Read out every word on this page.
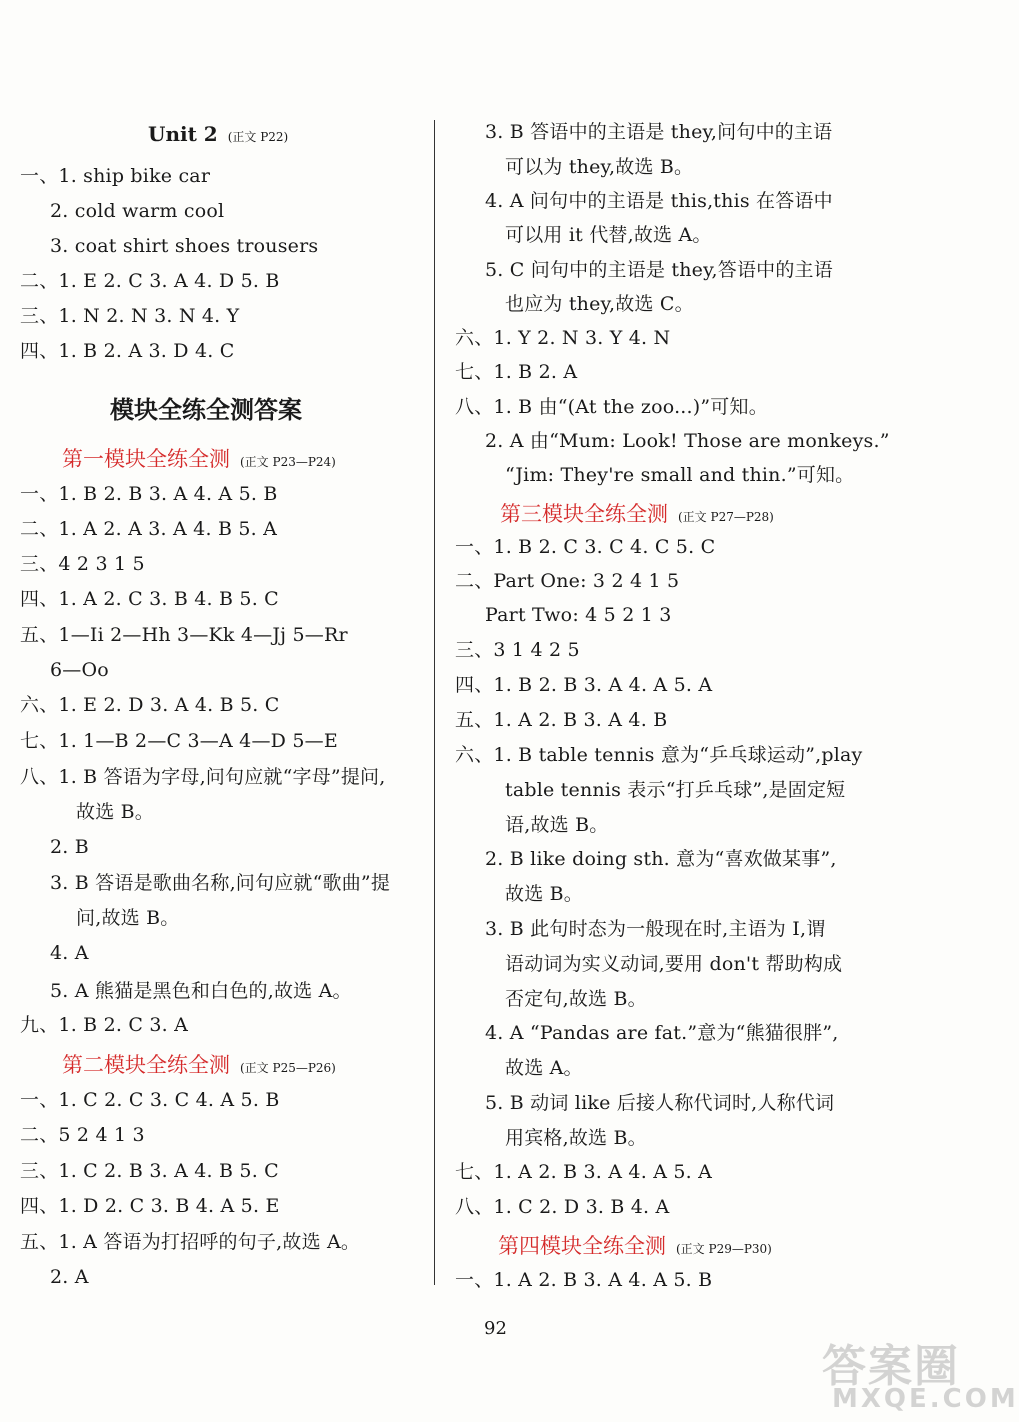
Unit 2 (正文 P22)
一、1. ship bike car
2. cold warm cool
3. coat shirt shoes trousers
二、1. E 2. C 3. A 4. D 5. B
三、1. N 2. N 3. N 4. Y
四、1. B 2. A 3. D 4. C
模块全练全测答案
第一模块全练全测 (正文 P23—P24)
一、1. B 2. B 3. A 4. A 5. B
二、1. A 2. A 3. A 4. B 5. A
三、4 2 3 1 5
四、1. A 2. C 3. B 4. B 5. C
五、1—Ii 2—Hh 3—Kk 4—Jj 5—Rr
6—Oo
六、1. E 2. D 3. A 4. B 5. C
七、1. 1—B 2—C 3—A 4—D 5—E
八、1. B 答语为字母,问句应就“字母”提问,
故选 B。
2. B
3. B 答语是歌曲名称,问句应就“歌曲”提
问,故选 B。
4. A
5. A 熊猫是黑色和白色的,故选 A。
九、1. B 2. C 3. A
第二模块全练全测 (正文 P25—P26)
一、1. C 2. C 3. C 4. A 5. B
二、5 2 4 1 3
三、1. C 2. B 3. A 4. B 5. C
四、1. D 2. C 3. B 4. A 5. E
五、1. A 答语为打招呼的句子,故选 A。
2. A
3. B 答语中的主语是 they,问句中的主语
可以为 they,故选 B。
4. A 问句中的主语是 this,this 在答语中
可以用 it 代替,故选 A。
5. C 问句中的主语是 they,答语中的主语
也应为 they,故选 C。
六、1. Y 2. N 3. Y 4. N
七、1. B 2. A
八、1. B 由“(At the zoo...)”可知。
2. A 由“Mum: Look! Those are monkeys.”
“Jim: They're small and thin.”可知。
第三模块全练全测 (正文 P27—P28)
一、1. B 2. C 3. C 4. C 5. C
二、Part One: 3 2 4 1 5
Part Two: 4 5 2 1 3
三、3 1 4 2 5
四、1. B 2. B 3. A 4. A 5. A
五、1. A 2. B 3. A 4. B
六、1. B table tennis 意为“乒乓球运动”,play
table tennis 表示“打乒乓球”,是固定短
语,故选 B。
2. B like doing sth. 意为“喜欢做某事”,
故选 B。
3. B 此句时态为一般现在时,主语为 I,谓
语动词为实义动词,要用 don't 帮助构成
否定句,故选 B。
4. A “Pandas are fat.”意为“熊猫很胖”,
故选 A。
5. B 动词 like 后接人称代词时,人称代词
用宾格,故选 B。
七、1. A 2. B 3. A 4. A 5. A
八、1. C 2. D 3. B 4. A
第四模块全练全测 (正文 P29—P30)
一、1. A 2. B 3. A 4. A 5. B
92
答案圈
MXQE.COM
